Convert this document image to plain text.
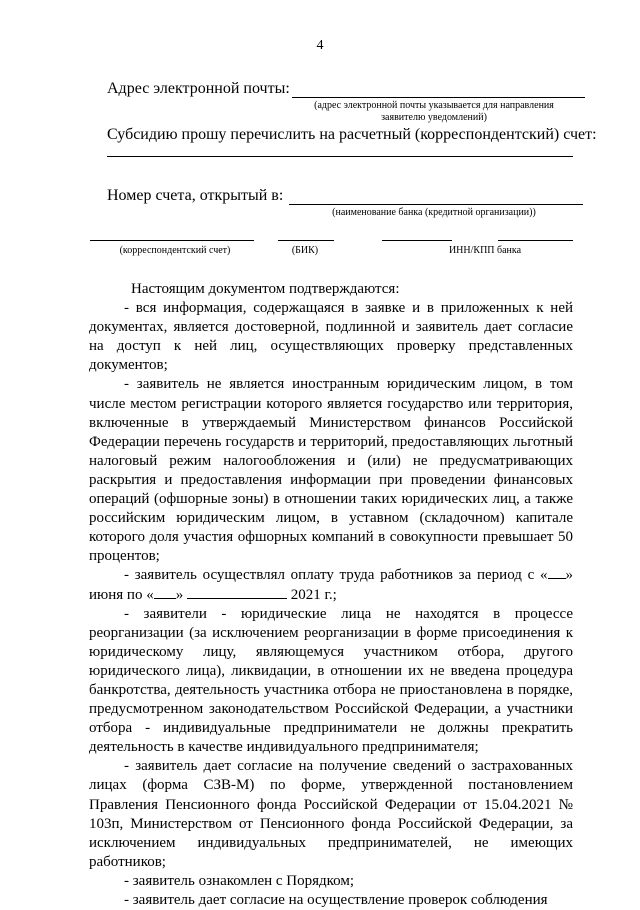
4
Адрес электронной почты:
(адрес электронной почты указывается для направления заявителю уведомлений)
Субсидию прошу перечислить на расчетный (корреспондентский) счет:
Номер счета, открытый в:
(наименование банка (кредитной организации))
(корреспондентский счет)	(БИК)	ИНН/КПП банка

Настоящим документом подтверждаются:

- вся информация, содержащаяся в заявке и в приложенных к ней документах, является достоверной, подлинной и заявитель дает согласие на доступ к ней лиц, осуществляющих проверку представленных документов;

- заявитель не является иностранным юридическим лицом, в том числе местом регистрации которого является государство или территория, включенные в утверждаемый Министерством финансов Российской Федерации перечень государств и территорий, предоставляющих льготный налоговый режим налогообложения и (или) не предусматривающих раскрытия и предоставления информации при проведении финансовых операций (офшорные зоны) в отношении таких юридических лиц, а также российским юридическим лицом, в уставном (складочном) капитале которого доля участия офшорных компаний в совокупности превышает 50 процентов;

- заявитель осуществлял оплату труда работников за период с « » июня по « »	2021 г.;

- заявители - юридические лица не находятся в процессе реорганизации (за исключением реорганизации в форме присоединения к юридическому лицу, являющемуся участником отбора, другого юридического лица), ликвидации, в отношении их не введена процедура банкротства, деятельность участника отбора не приостановлена в порядке, предусмотренном законодательством Российской Федерации, а участники отбора - индивидуальные предприниматели не должны прекратить деятельность в качестве индивидуального предпринимателя;

- заявитель дает согласие на получение сведений о застрахованных лицах (форма СЗВ-М) по форме, утвержденной постановлением Правления Пенсионного фонда Российской Федерации от 15.04.2021 № 103п, Министерством от Пенсионного фонда Российской Федерации, за исключением индивидуальных предпринимателей, не имеющих работников;

- заявитель ознакомлен с Порядком;

- заявитель дает согласие на осуществление проверок соблюдения
